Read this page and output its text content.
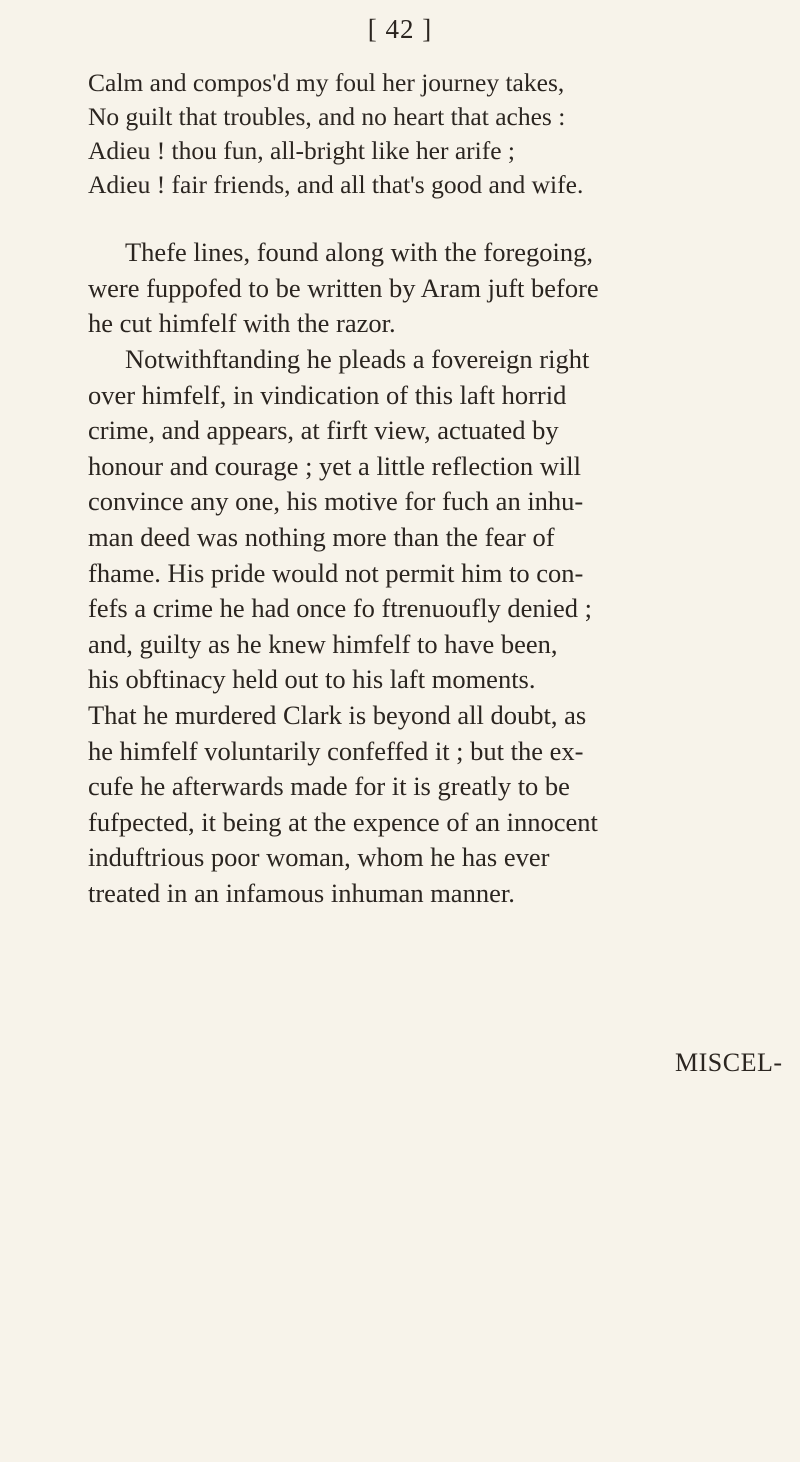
[ 42 ]
Calm and compos'd my foul her journey takes,
No guilt that troubles, and no heart that aches :
Adieu ! thou fun, all-bright like her arife ;
Adieu ! fair friends, and all that's good and wife.
Thefe lines, found along with the foregoing,
were fuppofed to be written by Aram juft before
he cut himfelf with the razor.
Notwithftanding he pleads a fovereign right
over himfelf, in vindication of this laft horrid
crime, and appears, at firft view, actuated by
honour and courage ; yet a little reflection will
convince any one, his motive for fuch an inhu-
man deed was nothing more than the fear of
fhame. His pride would not permit him to con-
fefs a crime he had once fo ftrenuoufly denied ;
and, guilty as he knew himfelf to have been,
his obftinacy held out to his laft moments.
That he murdered Clark is beyond all doubt, as
he himfelf voluntarily confeffed it ; but the ex-
cufe he afterwards made for it is greatly to be
fufpected, it being at the expence of an innocent
induftrious poor woman, whom he has ever
treated in an infamous inhuman manner.
MISCEL-
